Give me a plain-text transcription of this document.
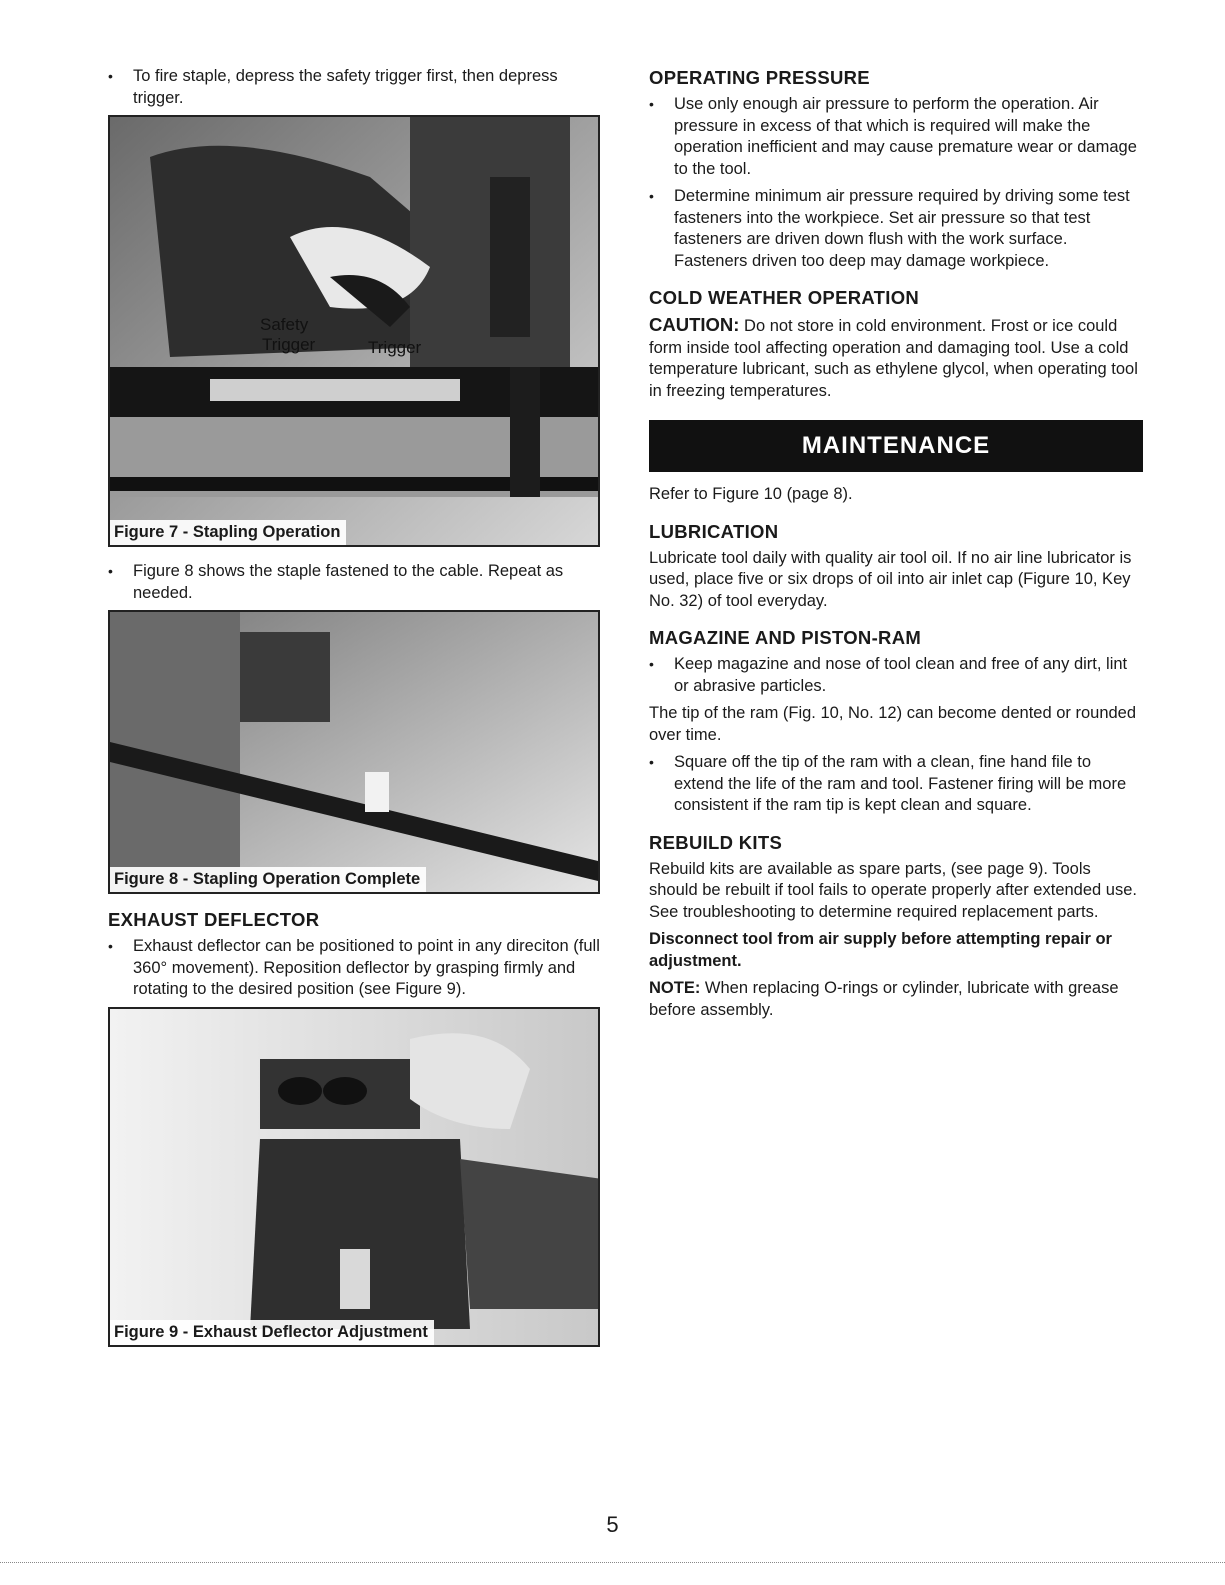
• To fire staple, depress the safety trigger first, then depress trigger.

Safety
Trigger	Trigger
Figure 7 - Stapling Operation

• Figure 8 shows the staple fastened to the cable. Repeat as needed.

Figure 8 - Stapling Operation Complete

EXHAUST DEFLECTOR

• Exhaust deflector can be positioned to point in any direciton (full 360° movement). Reposition deflector by grasping firmly and rotating to the desired position (see Figure 9).

Figure 9 - Exhaust Deflector Adjustment

OPERATING PRESSURE

• Use only enough air pressure to perform the operation. Air pressure in excess of that which is required will make the operation inefficient and may cause premature wear or damage to the tool.

• Determine minimum air pressure required by driving some test fasteners into the workpiece. Set air pressure so that test fasteners are driven down flush with the work surface. Fasteners driven too deep may damage workpiece.

COLD WEATHER OPERATION

CAUTION: Do not store in cold environment. Frost or ice could form inside tool affecting operation and damaging tool. Use a cold temperature lubricant, such as ethylene glycol, when operating tool in freezing temperatures.

MAINTENANCE

Refer to Figure 10 (page 8).

LUBRICATION

Lubricate tool daily with quality air tool oil. If no air line lubricator is used, place five or six drops of oil into air inlet cap (Figure 10, Key No. 32) of tool everyday.

MAGAZINE AND PISTON-RAM

• Keep magazine and nose of tool clean and free of any dirt, lint or abrasive particles.

The tip of the ram (Fig. 10, No. 12) can become dented or rounded over time.

• Square off the tip of the ram with a clean, fine hand file to extend the life of the ram and tool. Fastener firing will be more consistent if the ram tip is kept clean and square.

REBUILD KITS

Rebuild kits are available as spare parts, (see page 9). Tools should be rebuilt if tool fails to operate properly after extended use. See troubleshooting to determine required replacement parts.

Disconnect tool from air supply before attempting repair or adjustment.

NOTE: When replacing O-rings or cylinder, lubricate with grease before assembly.

5
